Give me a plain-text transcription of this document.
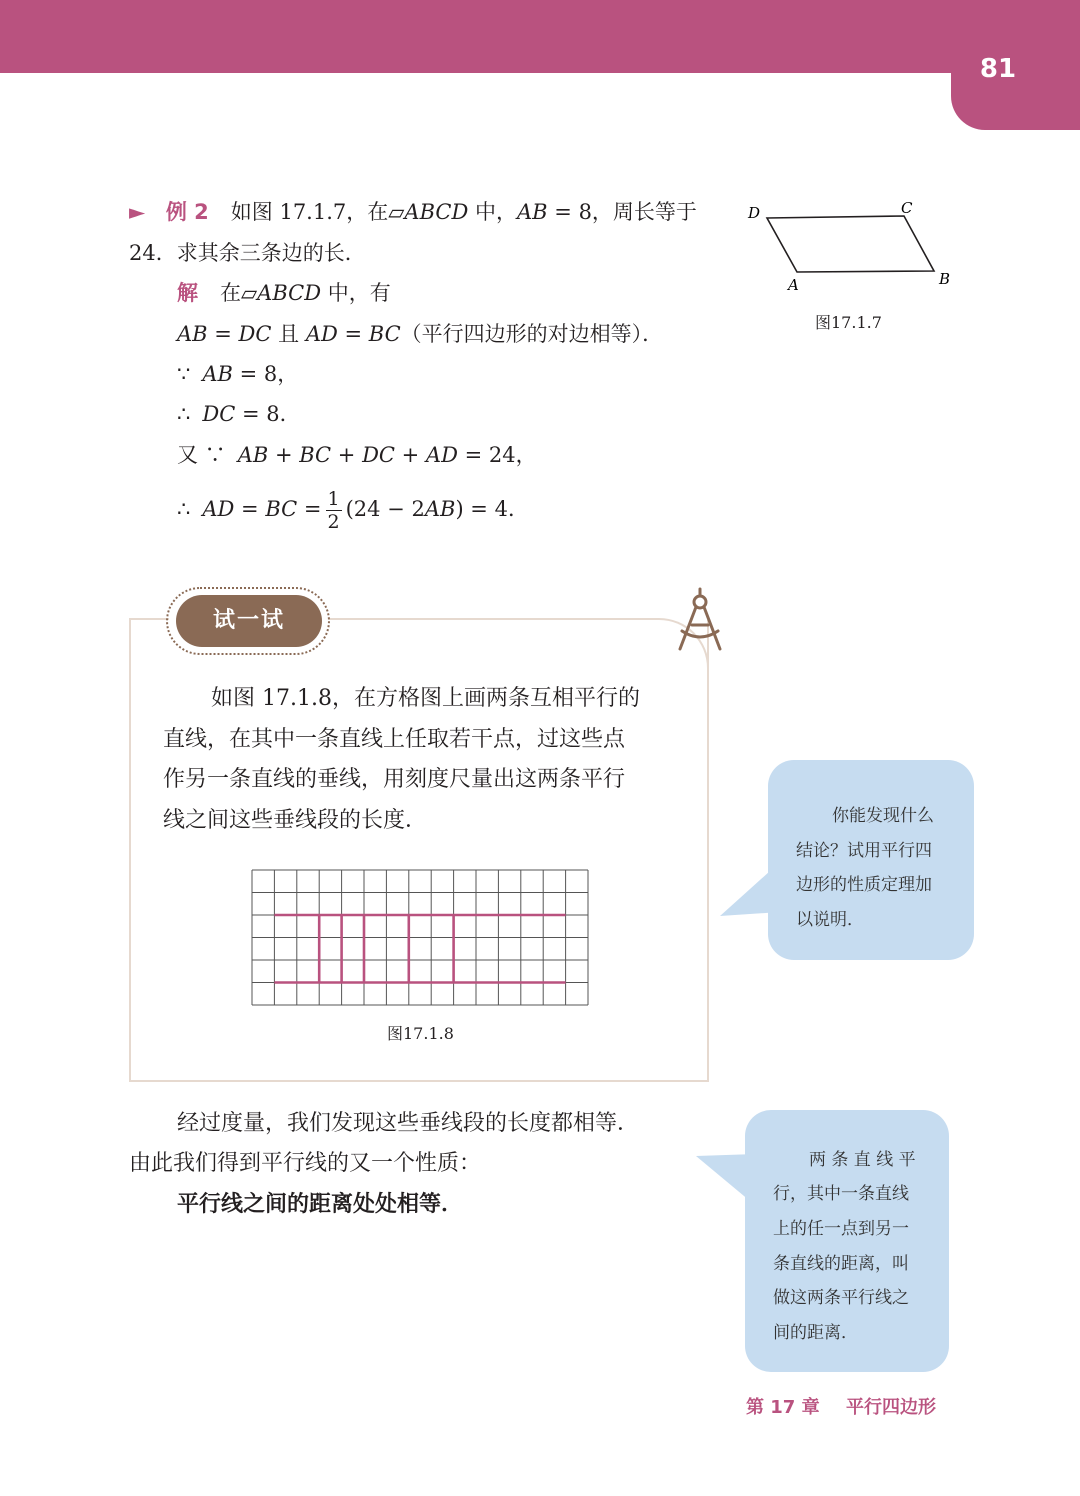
81
► 例 2 如图 17.1.7，在▱ABCD 中，AB = 8，周长等于
24．求其余三条边的长．
解 在▱ABCD 中，有
AB = DC 且 AD = BC（平行四边形的对边相等）．
∵ AB = 8，
∴ DC = 8．
又 ∵ AB + BC + DC + AD = 24，
∴ AD = BC = $\frac{1}{2} (24 - 2AB) = 4$．
D	C
A	B
图17.1.7
试一试
如图 17.1.8，在方格图上画两条互相平行的
直线，在其中一条直线上任取若干点，过这些点
作另一条直线的垂线，用刻度尺量出这两条平行
线之间这些垂线段的长度．
图17.1.8
你能发现什么
结论？试用平行四
边形的性质定理加
以说明．
经过度量，我们发现这些垂线段的长度都相等．
由此我们得到平行线的又一个性质：
平行线之间的距离处处相等．
两 条 直 线 平
行，其中一条直线
上的任一点到另一
条直线的距离，叫
做这两条平行线之
间的距离．
第 17 章 平行四边形
